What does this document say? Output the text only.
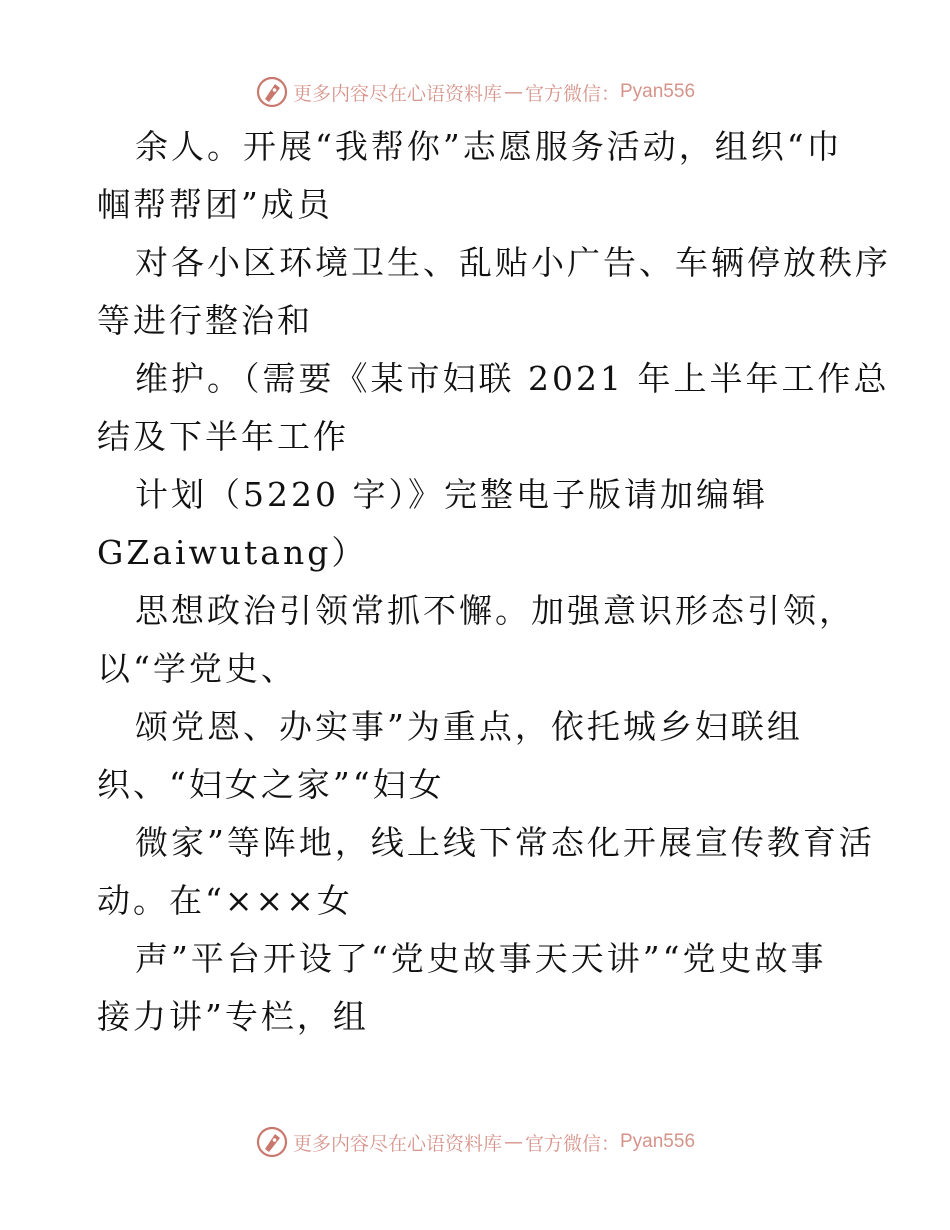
更多内容尽在心语资料库 — 官方微信： Pyan556
余人。开展“我帮你”志愿服务活动，组织“巾
帼帮帮团”成员
对各小区环境卫生、乱贴小广告、车辆停放秩序
等进行整治和
维护。（需要《某市妇联 2021 年上半年工作总
结及下半年工作
计划（5220 字）》完整电子版请加编辑
GZaiwutang）
思想政治引领常抓不懈。加强意识形态引领，
以“学党史、
颂党恩、办实事”为重点，依托城乡妇联组
织、“妇女之家”“妇女
微家”等阵地，线上线下常态化开展宣传教育活
动。在“×××女
声”平台开设了“党史故事天天讲”“党史故事
接力讲”专栏，组
更多内容尽在心语资料库 — 官方微信： Pyan556
